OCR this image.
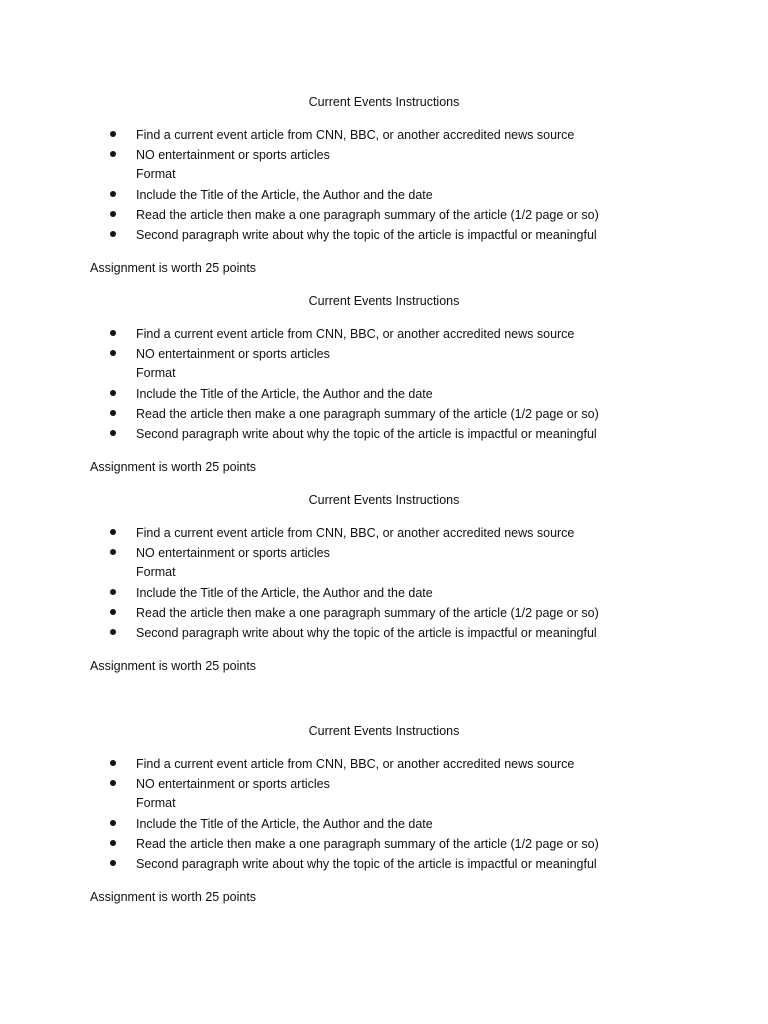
Current Events Instructions
Find a current event article from CNN, BBC, or another accredited news source
NO entertainment or sports articles
Format
Include the Title of the Article, the Author and the date
Read the article then make a one paragraph summary of the article (1/2 page or so)
Second paragraph write about why the topic of the article is impactful or meaningful
Assignment is worth 25 points
Current Events Instructions
Find a current event article from CNN, BBC, or another accredited news source
NO entertainment or sports articles
Format
Include the Title of the Article, the Author and the date
Read the article then make a one paragraph summary of the article (1/2 page or so)
Second paragraph write about why the topic of the article is impactful or meaningful
Assignment is worth 25 points
Current Events Instructions
Find a current event article from CNN, BBC, or another accredited news source
NO entertainment or sports articles
Format
Include the Title of the Article, the Author and the date
Read the article then make a one paragraph summary of the article (1/2 page or so)
Second paragraph write about why the topic of the article is impactful or meaningful
Assignment is worth 25 points
Current Events Instructions
Find a current event article from CNN, BBC, or another accredited news source
NO entertainment or sports articles
Format
Include the Title of the Article, the Author and the date
Read the article then make a one paragraph summary of the article (1/2 page or so)
Second paragraph write about why the topic of the article is impactful or meaningful
Assignment is worth 25 points
